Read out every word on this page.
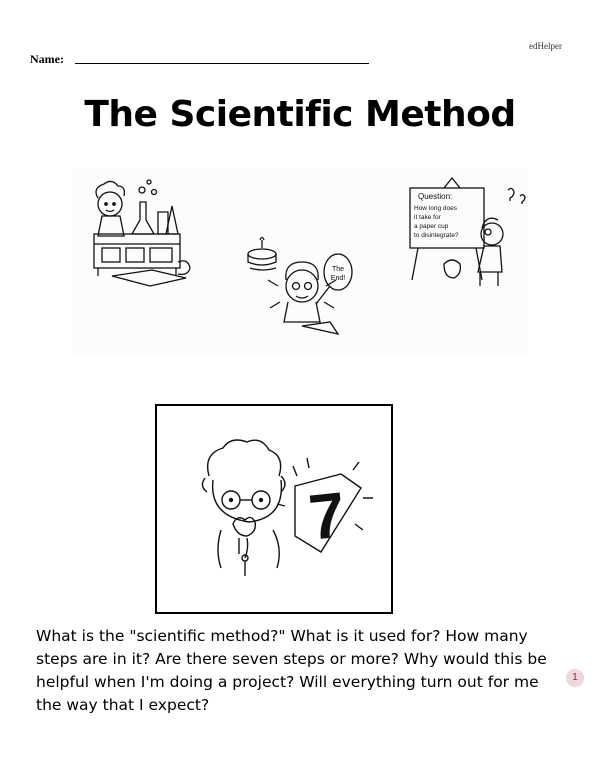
edHelper
Name:
The Scientific Method
The
End!
Question:
How long does
it take for
a paper cup
to disintegrate?
7

What is the "scientific method?" What is it used for? How many steps are in it? Are there seven steps or more? Why would this be helpful when I'm doing a project? Will everything turn out for me the way that I expect?

1
